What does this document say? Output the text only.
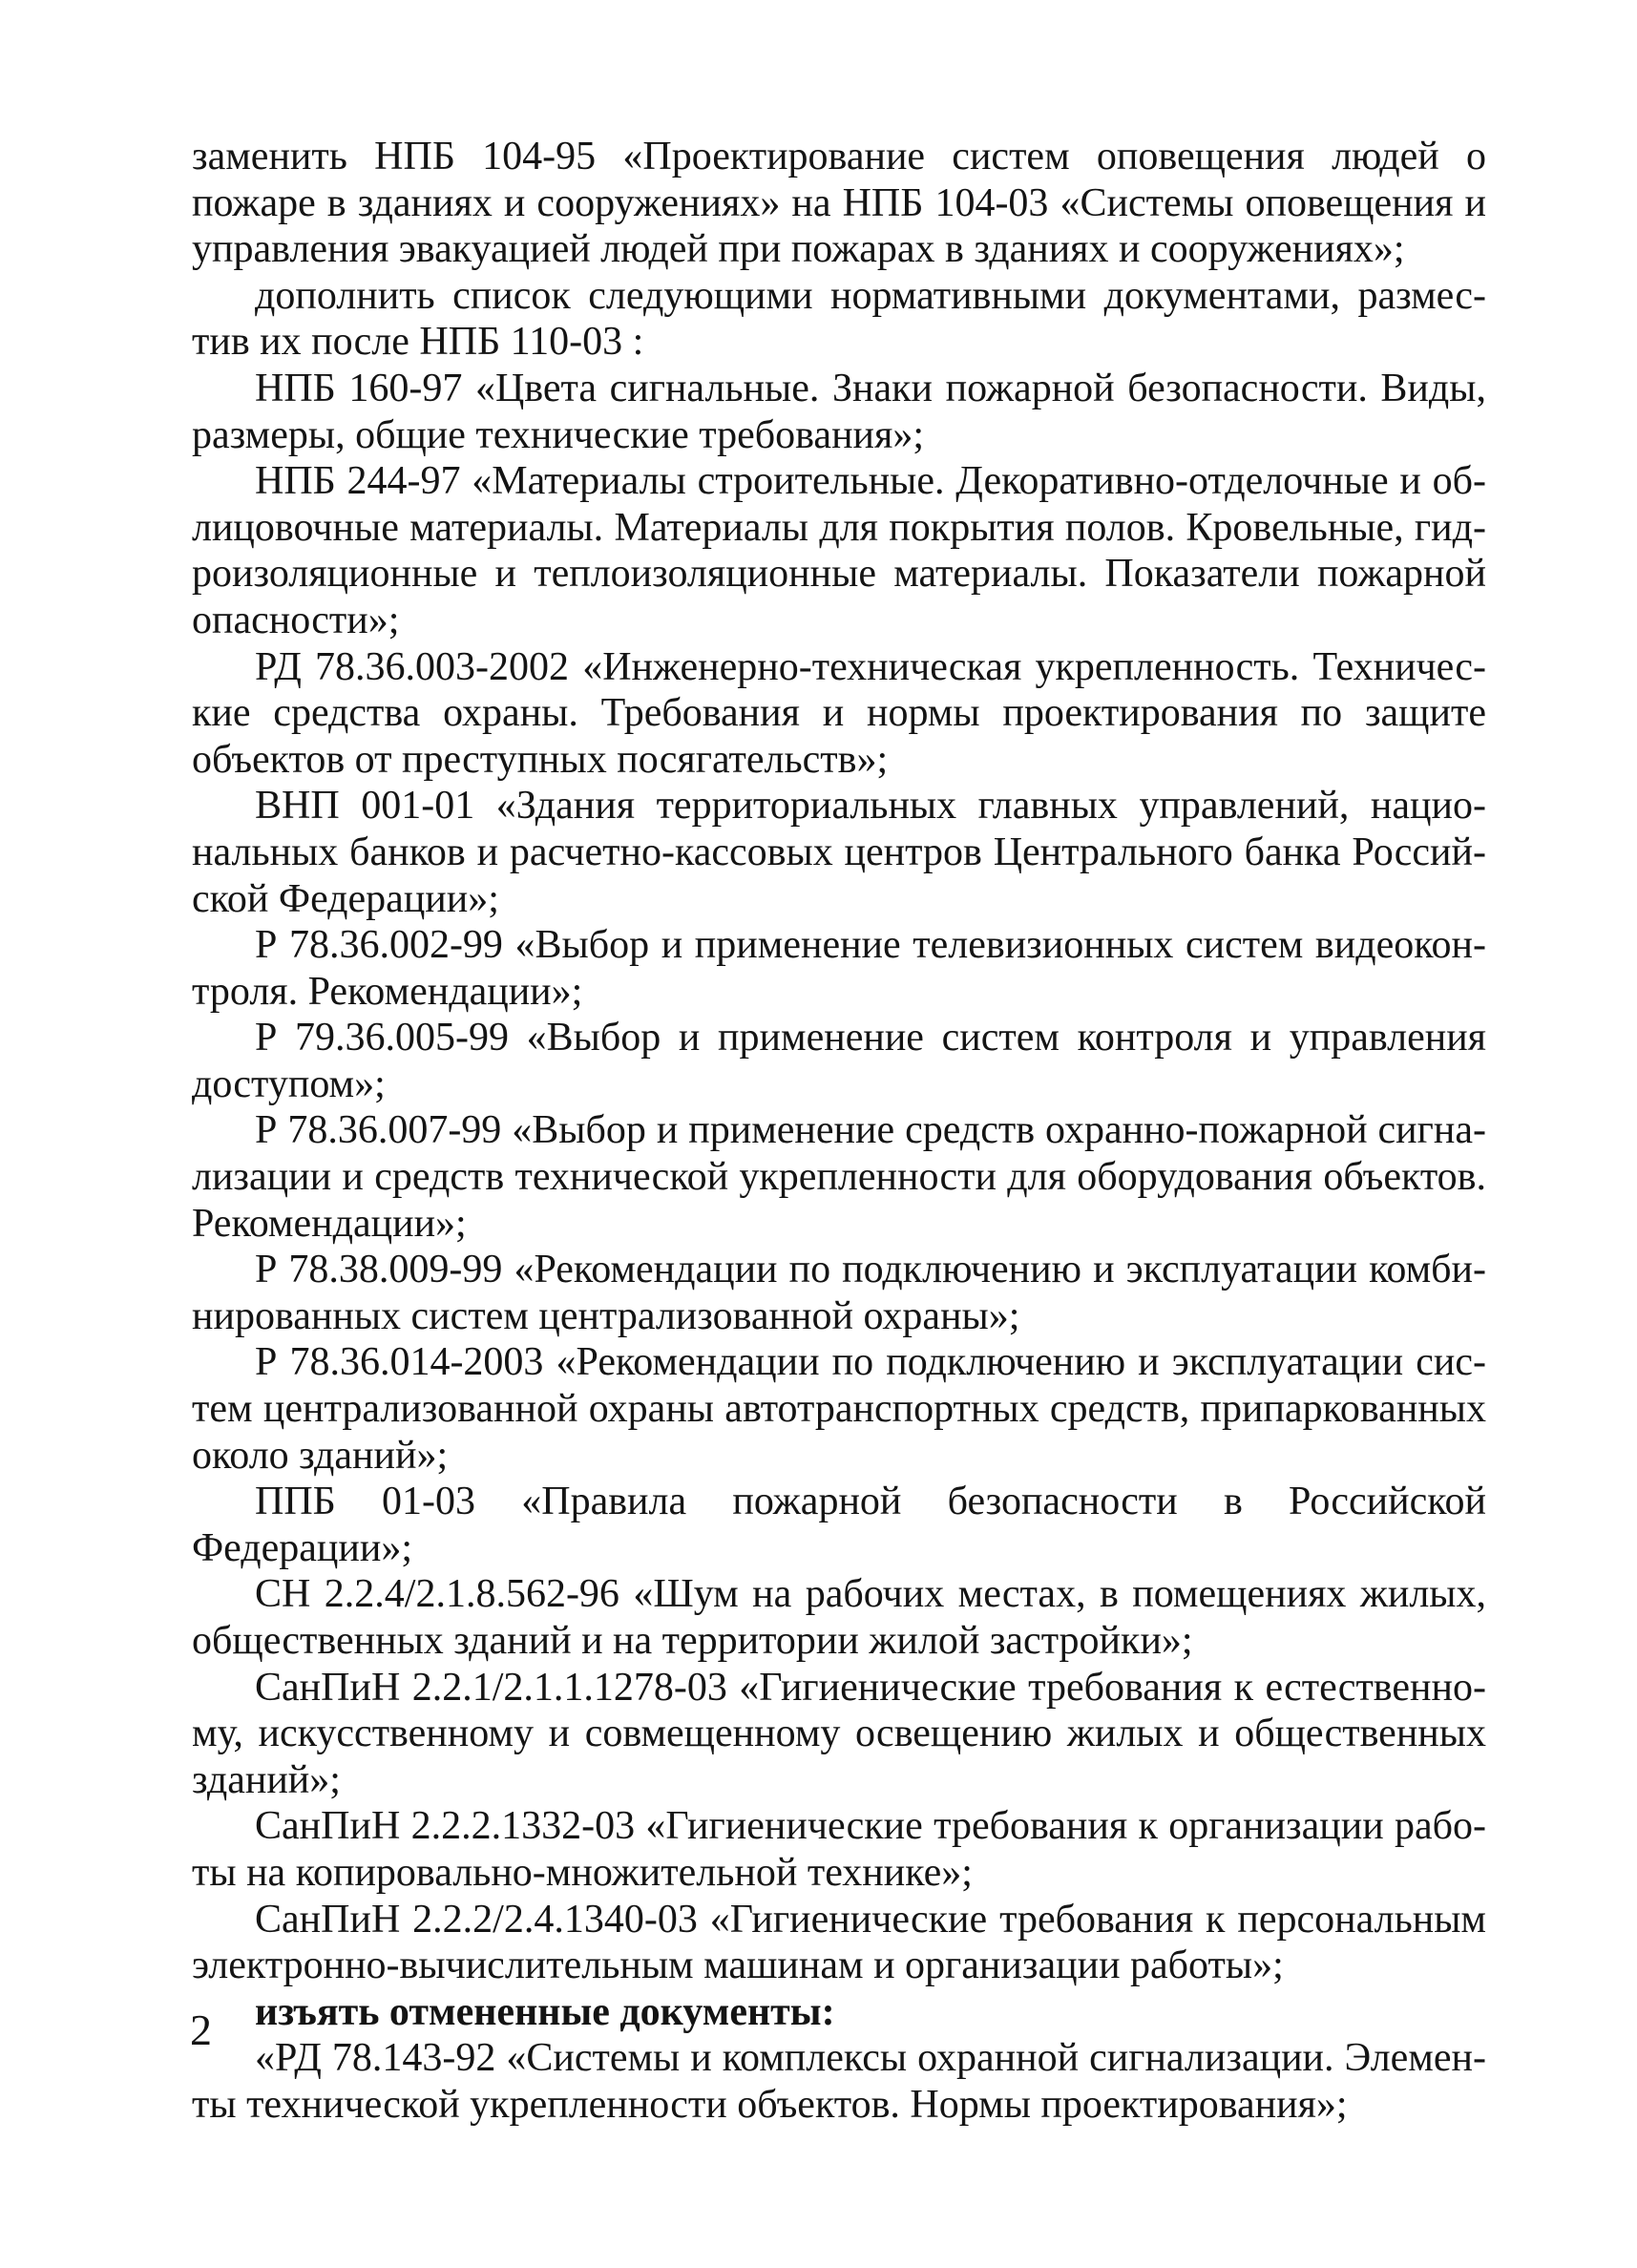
заменить НПБ 104-95 «Проектирование систем оповещения людей о пожаре в зданиях и сооружениях» на НПБ 104-03 «Системы оповещения и управления эвакуацией людей при пожарах в зданиях и сооружениях»;

дополнить список следующими нормативными документами, разместив их после НПБ 110-03 :

НПБ 160-97 «Цвета сигнальные. Знаки пожарной безопасности. Виды, размеры, общие технические требования»;

НПБ 244-97 «Материалы строительные. Декоративно-отделочные и облицовочные материалы. Материалы для покрытия полов. Кровельные, гидроизоляционные и теплоизоляционные материалы. Показатели пожарной опасности»;

РД 78.36.003-2002 «Инженерно-техническая укрепленность. Технические средства охраны. Требования и нормы проектирования по защите объектов от преступных посягательств»;

ВНП 001-01 «Здания территориальных главных управлений, национальных банков и расчетно-кассовых центров Центрального банка Российской Федерации»;

Р 78.36.002-99 «Выбор и применение телевизионных систем видеоконтроля. Рекомендации»;

Р 79.36.005-99 «Выбор и применение систем контроля и управления доступом»;

Р 78.36.007-99 «Выбор и применение средств охранно-пожарной сигнализации и средств технической укрепленности для оборудования объектов. Рекомендации»;

Р 78.38.009-99 «Рекомендации по подключению и эксплуатации комбинированных систем централизованной охраны»;

Р 78.36.014-2003 «Рекомендации по подключению и эксплуатации систем централизованной охраны автотранспортных средств, припаркованных около зданий»;

ППБ 01-03 «Правила пожарной безопасности в Российской Федерации»;

СН 2.2.4/2.1.8.562-96 «Шум на рабочих местах, в помещениях жилых, общественных зданий и на территории жилой застройки»;

СанПиН 2.2.1/2.1.1.1278-03 «Гигиенические требования к естественному, искусственному и совмещенному освещению жилых и общественных зданий»;

СанПиН 2.2.2.1332-03 «Гигиенические требования к организации работы на копировально-множительной технике»;

СанПиН 2.2.2/2.4.1340-03 «Гигиенические требования к персональным электронно-вычислительным машинам и организации работы»;

изъять отмененные документы:

«РД 78.143-92 «Системы и комплексы охранной сигнализации. Элементы технической укрепленности объектов. Нормы проектирования»;

2
